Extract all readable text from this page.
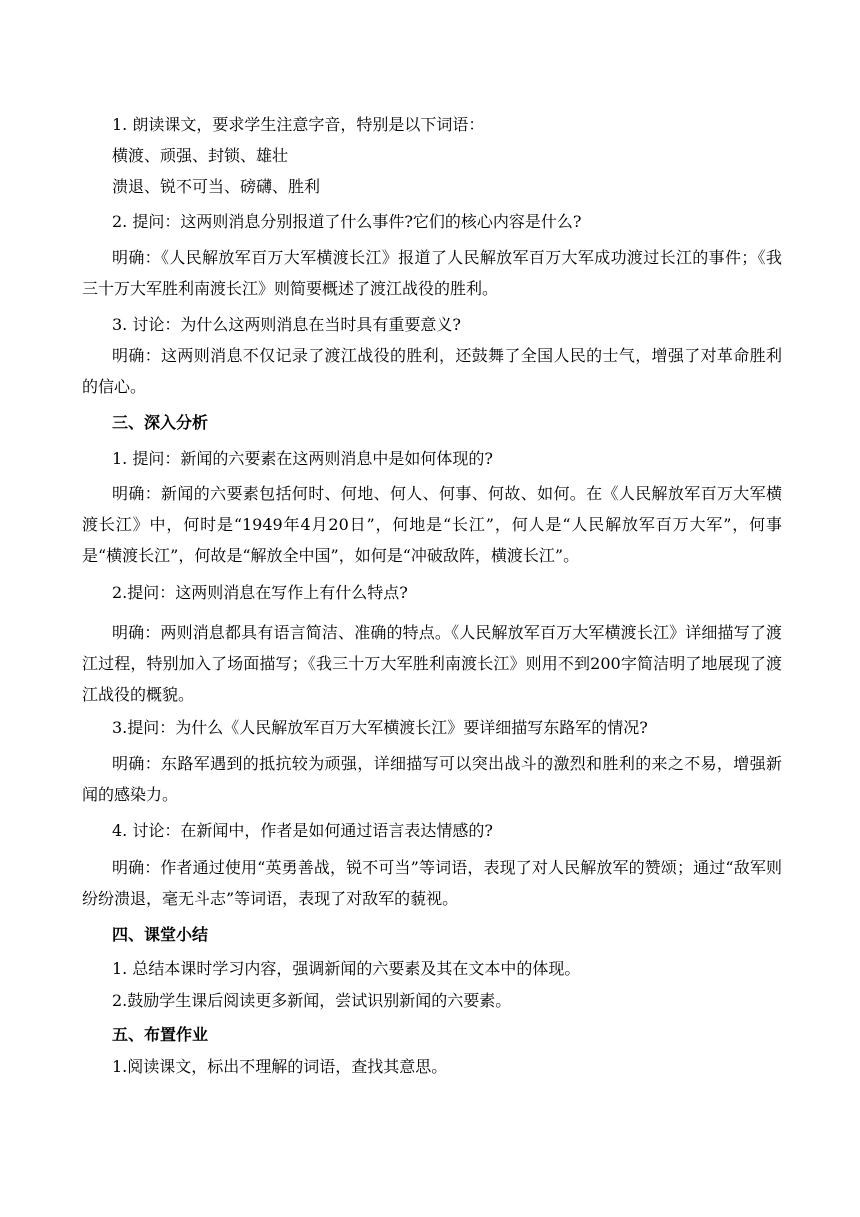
1. 朗读课文，要求学生注意字音，特别是以下词语：
横渡、顽强、封锁、雄壮
溃退、锐不可当、磅礴、胜利
2. 提问：这两则消息分别报道了什么事件?它们的核心内容是什么?
明确：《人民解放军百万大军横渡长江》报道了人民解放军百万大军成功渡过长江的事件；《我三十万大军胜利南渡长江》则简要概述了渡江战役的胜利。
3. 讨论：为什么这两则消息在当时具有重要意义?
明确：这两则消息不仅记录了渡江战役的胜利，还鼓舞了全国人民的士气，增强了对革命胜利的信心。
三、深入分析
1. 提问：新闻的六要素在这两则消息中是如何体现的?
明确：新闻的六要素包括何时、何地、何人、何事、何故、如何。在《人民解放军百万大军横渡长江》中，何时是“1949年4月20日”，何地是“长江”，何人是“人民解放军百万大军”，何事是“横渡长江”，何故是“解放全中国”，如何是“冲破敌阵，横渡长江”。
2.提问：这两则消息在写作上有什么特点?
明确：两则消息都具有语言简洁、准确的特点。《人民解放军百万大军横渡长江》详细描写了渡江过程，特别加入了场面描写；《我三十万大军胜利南渡长江》则用不到200字简洁明了地展现了渡江战役的概貌。
3.提问：为什么《人民解放军百万大军横渡长江》要详细描写东路军的情况?
明确：东路军遇到的抵抗较为顽强，详细描写可以突出战斗的激烈和胜利的来之不易，增强新闻的感染力。
4. 讨论：在新闻中，作者是如何通过语言表达情感的?
明确：作者通过使用“英勇善战，锐不可当”等词语，表现了对人民解放军的赞颂；通过“敌军则纷纷溃退，毫无斗志”等词语，表现了对敌军的藐视。
四、课堂小结
1. 总结本课时学习内容，强调新闻的六要素及其在文本中的体现。
2.鼓励学生课后阅读更多新闻，尝试识别新闻的六要素。
五、布置作业
1.阅读课文，标出不理解的词语，查找其意思。
